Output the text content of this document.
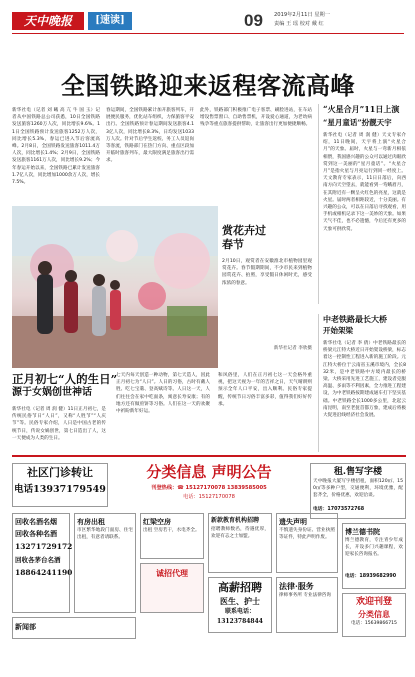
天中晚报	[速读]	09 2019年2月11日 星期一
责编 王 瑶 校对 戴 红
全国铁路迎来返程客流高峰
新华社电（记者 刘 曦 高 亢 牛 国 玉）记者从中国铁路总公司获悉，10日全国铁路发送旅客1260万人次，同比增长9.6%。11日全国铁路预计发送旅客1252万人次，同比增长5.3%，春运已进入节后客流高峰。2月8日，全国铁路发送旅客1011.4万人次，同比增长1.4%；2月9日，全国铁路发送旅客1161万人次，同比增长9.2%；今年春运开始以来，全国铁路已累计发送旅客1.7亿人次，同比增加1000余万人次，增长7.5%。
春运期间，全国铁路累计加开旅客列车，开展便民服务，优化站车组织，力保旅客平安出行。全国铁路预计春运期间发送旅客4.13亿人次，同比增长8.3%，日均发送1033万人次。针对节后学生返校、务工人员返岗等客流，铁路部门在热门方向、重点区段加开临时旅客列车，最大限度满足旅客出行需求。
此外，铁路部门积极推广电子客票、刷脸进站，在车站增设售票窗口、自助售票机，开设爱心通道，为老幼病残孕等重点旅客提供帮助，让旅客出行更加便捷顺畅。
赏花卉过春节
2月10日，观赏者在安徽淮北市植物园里观赏花卉。春节假期期间，不少市民来到植物园赏花卉、拍照，享受假日休闲时光，感受浓浓的春意。
新华社记者 李欣摄
正月初七“人的生日”
源于女娲创世神话
新华社电（记者 周 润 健）11日正月初七，是传统民俗节日“人日”，又称“人胜节”“人庆节”等。民俗专家介绍，人日是中国古老的传统节日，传说女娲创世，第七日造出了人，这一天便成为人类的生日。
七天内每天创造一种动物，第七天造人，因此正月初七为“人日”。人日的习俗，古时有戴人胜、吃七宝羹、登高赋诗等。人日这一天，人们往往会在家中吃面条，寓意长寿安康；有的地方还有做煎饼等习俗。人们在这一天的欢聚中祈盼新年好运。
和风俗里，人们在正月初七这一天会格外重视，把这天视为一年的吉祥之日，天气晴朗则预示全年人口平安，出入顺利。民俗专家提醒，传统节日习俗丰富多彩，值得我们好好传承。
“火星合月”11日上演
“星月童话”扮靓天宇
新华社电（记者 周 润 健）天文专家介绍，11日晚间，天宇将上演“火星合月”的天象。届时，火星与一弯新月相依相偎，我国感兴趣的公众可以通过肉眼欣赏到这一美丽的“星月童话”。“火星合月”是指火星与月亮运行到同一经度上。天文教育专家表示，11日日落后，向西南方向天空望去，就能看到一弯蛾眉月，在其附近有一颗呈火红色的亮星，这就是火星。届时两者相距较近，十分美丽。有兴趣的公众，可以在日落后寻找观看，用手机或相机记录下这一美妙的天象。如果天气不佳，也不必遗憾，今后还有更多的天象可供欣赏。
中老铁路最长大桥
开始架梁
新华社电（记者 李 倩）中老铁路最长的桥梁元江特大桥近日开始架设桥梁，标志着这一控制性工程进入新的施工阶段。元江特大桥位于云南省玉溪市境内，全长832米，是中老铁路中方境内最长的桥梁。大桥采用先进工艺施工，建设者克服高温、多雨等不利因素，全力推进工程建设，为中老铁路按期建成通车打下坚实基础。中老铁路全长1000多公里，北起云南昆明，南至老挝首都万象，建成后将极大促进沿线经济社会发展。
社区门诊转让
电话13937179549
分类信息 声明公告
刊登热线：☎ 15127170078 13839585005
电话：15127170078
租.售写字楼
天中晚报大厦写字楼招租，面积120㎡、150㎡等多种户型，交通便利，环境优雅，配套齐全，价格优惠，欢迎洽谈。
电话：17073572768
回收名酒名烟
回收各种名酒
13271729172
回收各茅台名酒
18864241190
有房出租
市区繁华地段门面房、住宅出租，有意者请联系。
红梁空房
出租 空房若干，水电齐全。
诚招代理
新款教育机构招聘
招聘教师数名，待遇优厚，欢迎有志之士加盟。
高薪招聘
医生、护士
联系电话：13123784844
遗失声明
不慎遗失身份证、营业执照等证件，特此声明作废。
博兰德书院
博兰德教育，专注青少年成长，开设多门兴趣课程，欢迎家长咨询报名。
电话：18939682990
法律·服务
律师事务所 专业法律咨询
新闻部
欢迎刊登
分类信息
电话：15639866715
